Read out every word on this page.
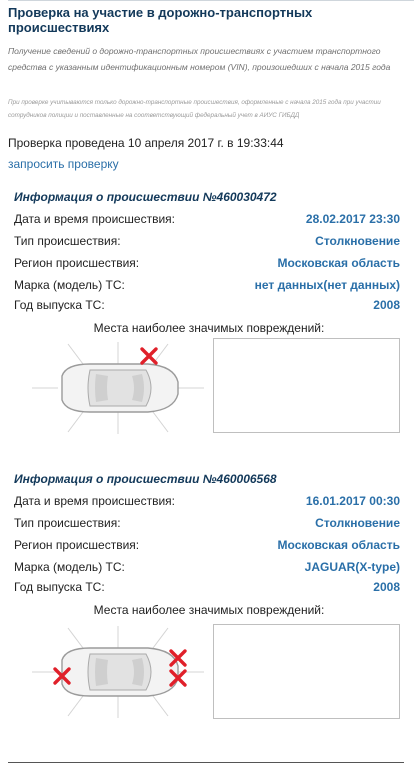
Проверка на участие в дорожно-транспортных происшествиях
Получение сведений о дорожно-транспортных происшествиях с участием транспортного средства с указанным идентификационным номером (VIN), произошедших с начала 2015 года
При проверке учитываются только дорожно-транспортные происшествия, оформленные с начала 2015 года при участии сотрудников полиции и поставленные на соответствующий федеральный учет в АИУС ГИБДД
Проверка проведена 10 апреля 2017 г. в 19:33:44
запросить проверку
Информация о происшествии №460030472
Дата и время происшествия:	28.02.2017 23:30
Тип происшествия:	Столкновение
Регион происшествия:	Московская область
Марка (модель) ТС:	нет данных(нет данных)
Год выпуска ТС:	2008
Места наиболее значимых повреждений:
Информация о происшествии №460006568
Дата и время происшествия:	16.01.2017 00:30
Тип происшествия:	Столкновение
Регион происшествия:	Московская область
Марка (модель) ТС:	JAGUAR(X-type)
Год выпуска ТС:	2008
Места наиболее значимых повреждений:
